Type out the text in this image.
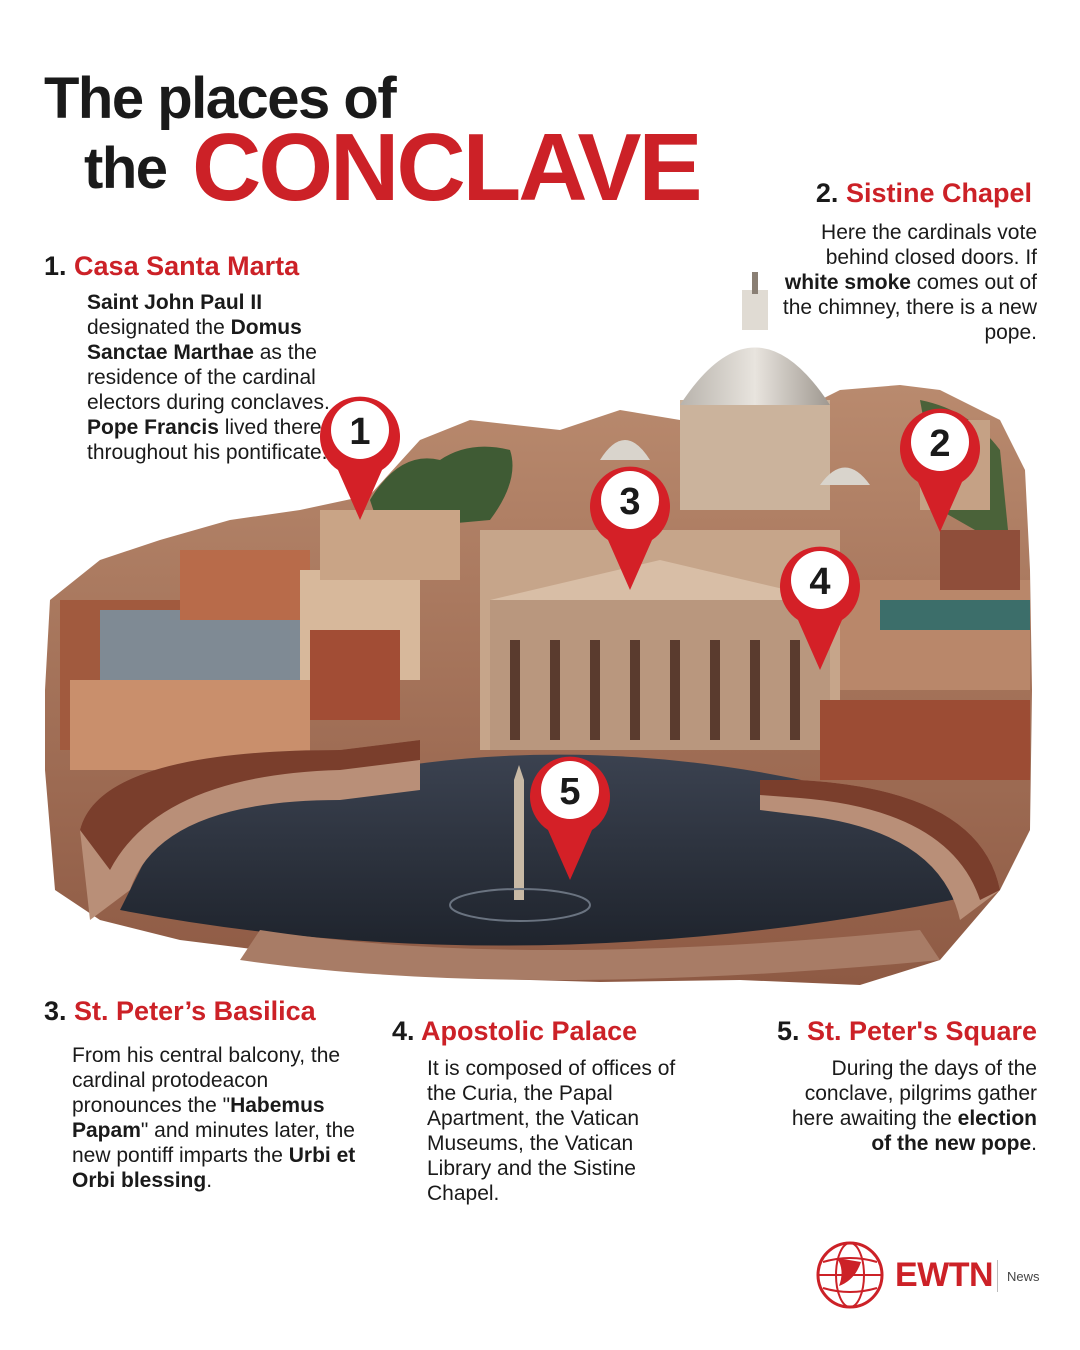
The places of
the CONCLAVE
1	2
3
4
5
1. Casa Santa Marta
Saint John Paul II designated the Domus Sanctae Marthae as the residence of the cardinal electors during conclaves. Pope Francis lived there throughout his pontificate.
2. Sistine Chapel
Here the cardinals vote behind closed doors. If white smoke comes out of the chimney, there is a new pope.
3. St. Peter’s Basilica
From his central balcony, the cardinal protodeacon pronounces the "Habemus Papam" and minutes later, the new pontiff imparts the Urbi et Orbi blessing.
4. Apostolic Palace
It is composed of offices of the Curia, the Papal Apartment, the Vatican Museums, the Vatican Library and the Sistine Chapel.
5. St. Peter's Square
During the days of the conclave, pilgrims gather here awaiting the election of the new pope.
EWTN News
